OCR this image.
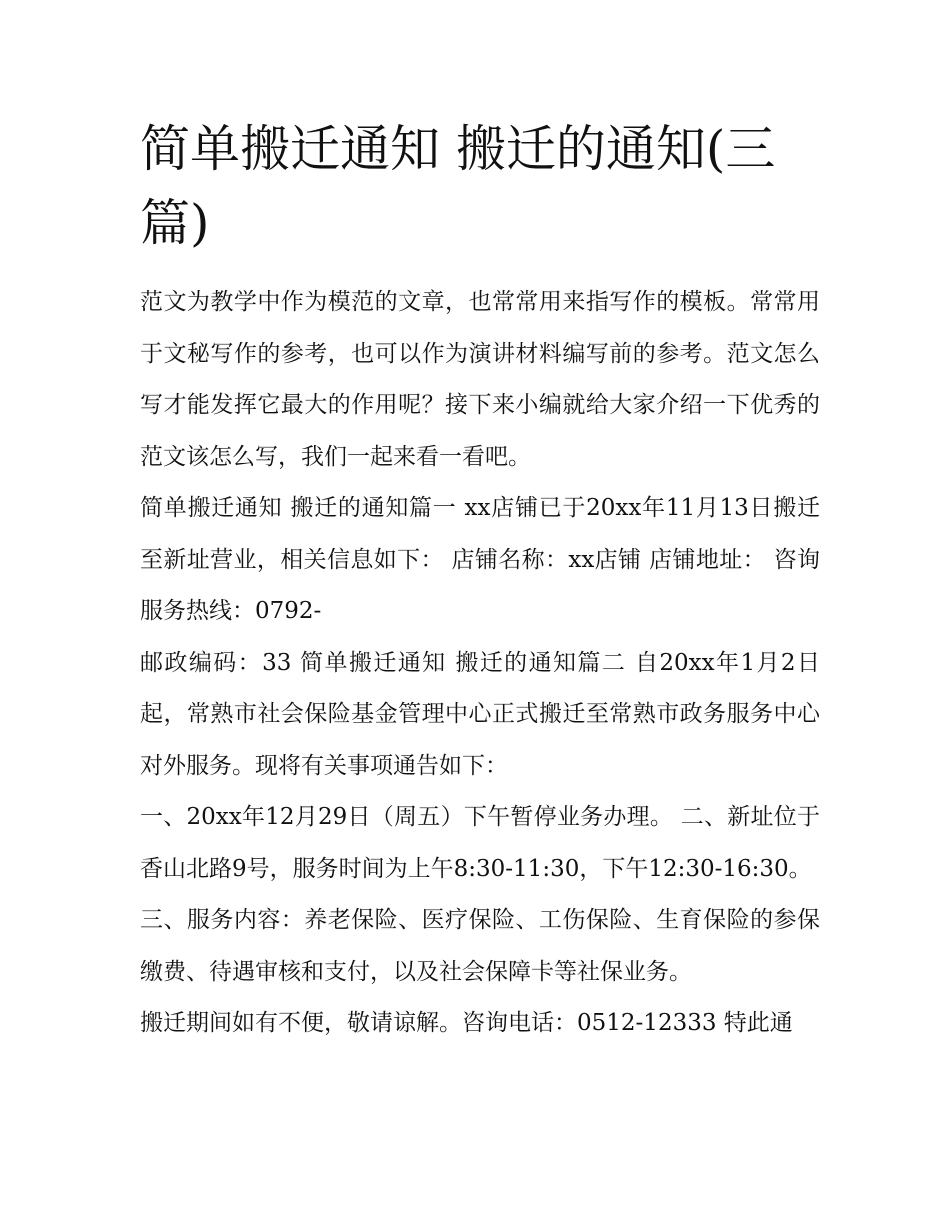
简单搬迁通知 搬迁的通知(三篇)

范文为教学中作为模范的文章，也常常用来指写作的模板。常常用于文秘写作的参考，也可以作为演讲材料编写前的参考。范文怎么写才能发挥它最大的作用呢？接下来小编就给大家介绍一下优秀的范文该怎么写，我们一起来看一看吧。

简单搬迁通知 搬迁的通知篇一 xx店铺已于20xx年11月13日搬迁至新址营业，相关信息如下： 店铺名称：xx店铺 店铺地址： 咨询服务热线：0792-

邮政编码：33 简单搬迁通知 搬迁的通知篇二 自20xx年1月2日起，常熟市社会保险基金管理中心正式搬迁至常熟市政务服务中心对外服务。现将有关事项通告如下：

一、20xx年12月29日（周五）下午暂停业务办理。 二、新址位于香山北路9号，服务时间为上午8:30-11:30，下午12:30-16:30。

三、服务内容：养老保险、医疗保险、工伤保险、生育保险的参保缴费、待遇审核和支付，以及社会保障卡等社保业务。

搬迁期间如有不便，敬请谅解。咨询电话：0512-12333 特此通
